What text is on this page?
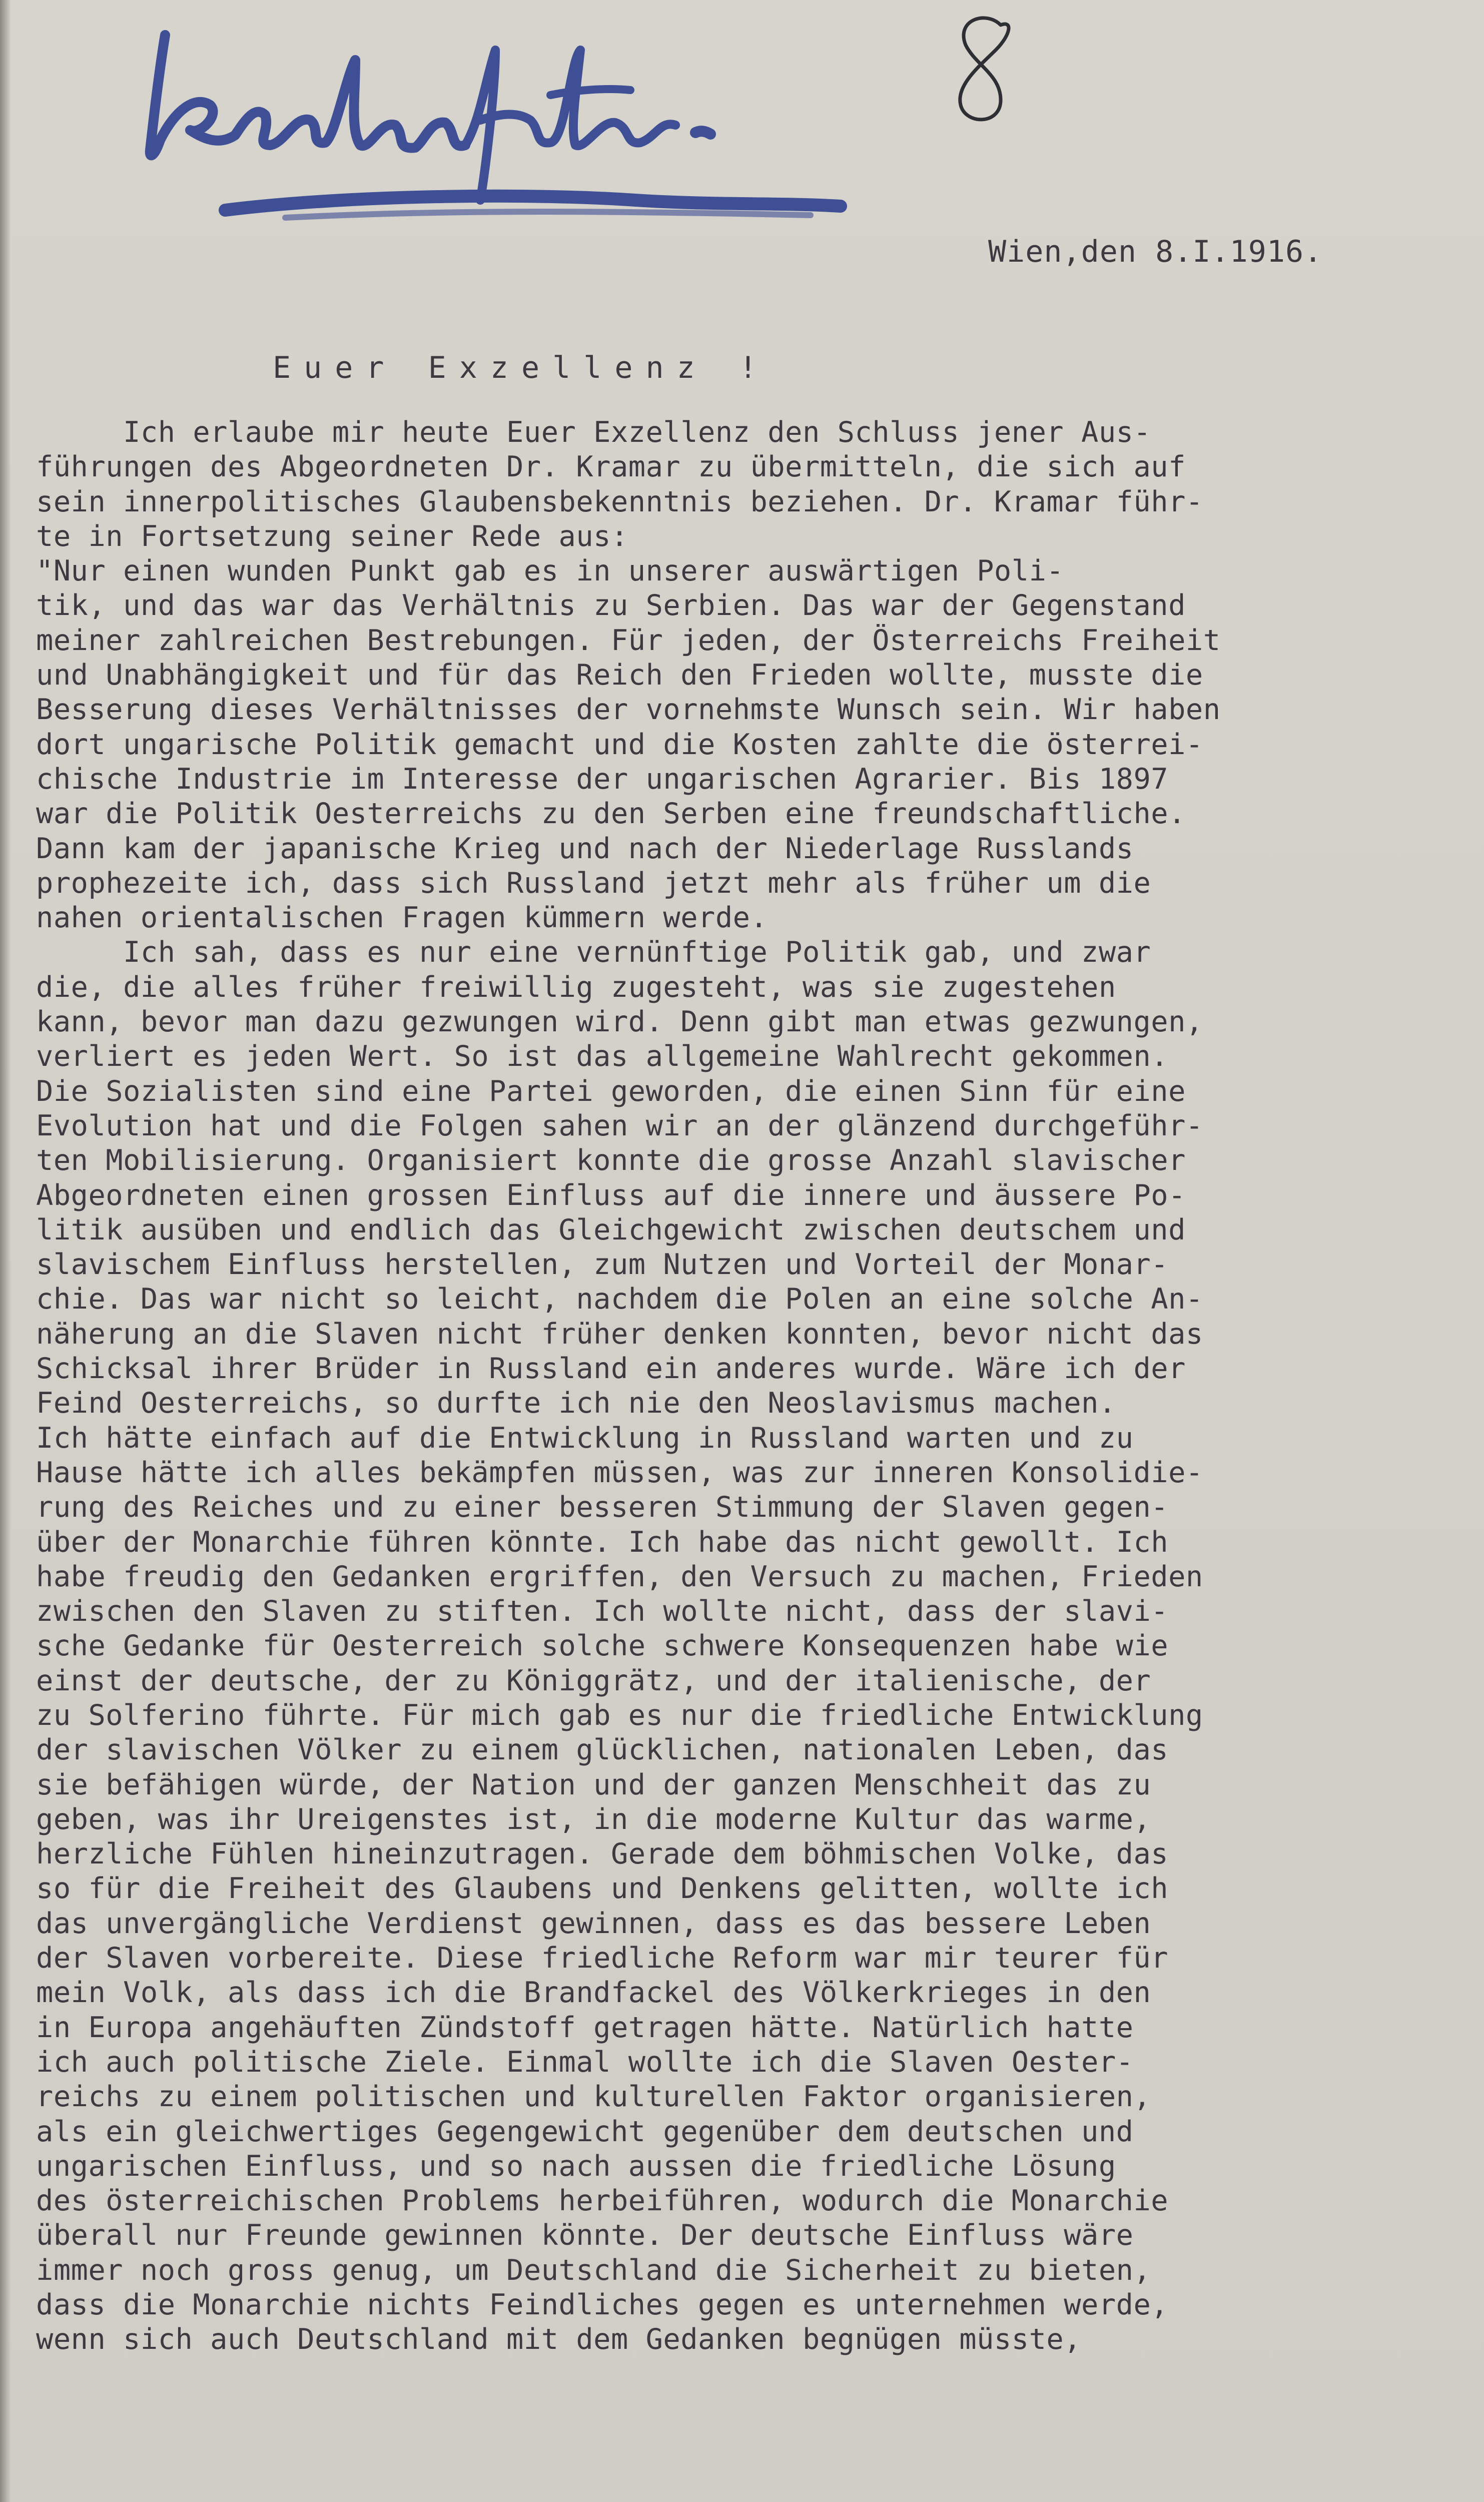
8
Wien,den 8.I.1916.
Euer Exzellenz !
Ich erlaube mir heute Euer Exzellenz den Schluss jener Aus-
führungen des Abgeordneten Dr. Kramar zu übermitteln, die sich auf
sein innerpolitisches Glaubensbekenntnis beziehen. Dr. Kramar führ-
te in Fortsetzung seiner Rede aus:
"Nur einen wunden Punkt gab es in unserer auswärtigen Poli-
tik, und das war das Verhältnis zu Serbien. Das war der Gegenstand
meiner zahlreichen Bestrebungen. Für jeden, der Österreichs Freiheit
und Unabhängigkeit und für das Reich den Frieden wollte, musste die
Besserung dieses Verhältnisses der vornehmste Wunsch sein. Wir haben
dort ungarische Politik gemacht und die Kosten zahlte die österrei-
chische Industrie im Interesse der ungarischen Agrarier. Bis 1897
war die Politik Oesterreichs zu den Serben eine freundschaftliche.
Dann kam der japanische Krieg und nach der Niederlage Russlands
prophezeite ich, dass sich Russland jetzt mehr als früher um die
nahen orientalischen Fragen kümmern werde.
Ich sah, dass es nur eine vernünftige Politik gab, und zwar
die, die alles früher freiwillig zugesteht, was sie zugestehen
kann, bevor man dazu gezwungen wird. Denn gibt man etwas gezwungen,
verliert es jeden Wert. So ist das allgemeine Wahlrecht gekommen.
Die Sozialisten sind eine Partei geworden, die einen Sinn für eine
Evolution hat und die Folgen sahen wir an der glänzend durchgeführ-
ten Mobilisierung. Organisiert konnte die grosse Anzahl slavischer
Abgeordneten einen grossen Einfluss auf die innere und äussere Po-
litik ausüben und endlich das Gleichgewicht zwischen deutschem und
slavischem Einfluss herstellen, zum Nutzen und Vorteil der Monar-
chie. Das war nicht so leicht, nachdem die Polen an eine solche An-
näherung an die Slaven nicht früher denken konnten, bevor nicht das
Schicksal ihrer Brüder in Russland ein anderes wurde. Wäre ich der
Feind Oesterreichs, so durfte ich nie den Neoslavismus machen.
Ich hätte einfach auf die Entwicklung in Russland warten und zu
Hause hätte ich alles bekämpfen müssen, was zur inneren Konsolidie-
rung des Reiches und zu einer besseren Stimmung der Slaven gegen-
über der Monarchie führen könnte. Ich habe das nicht gewollt. Ich
habe freudig den Gedanken ergriffen, den Versuch zu machen, Frieden
zwischen den Slaven zu stiften. Ich wollte nicht, dass der slavi-
sche Gedanke für Oesterreich solche schwere Konsequenzen habe wie
einst der deutsche, der zu Königgrätz, und der italienische, der
zu Solferino führte. Für mich gab es nur die friedliche Entwicklung
der slavischen Völker zu einem glücklichen, nationalen Leben, das
sie befähigen würde, der Nation und der ganzen Menschheit das zu
geben, was ihr Ureigenstes ist, in die moderne Kultur das warme,
herzliche Fühlen hineinzutragen. Gerade dem böhmischen Volke, das
so für die Freiheit des Glaubens und Denkens gelitten, wollte ich
das unvergängliche Verdienst gewinnen, dass es das bessere Leben
der Slaven vorbereite. Diese friedliche Reform war mir teurer für
mein Volk, als dass ich die Brandfackel des Völkerkrieges in den
in Europa angehäuften Zündstoff getragen hätte. Natürlich hatte
ich auch politische Ziele. Einmal wollte ich die Slaven Oester-
reichs zu einem politischen und kulturellen Faktor organisieren,
als ein gleichwertiges Gegengewicht gegenüber dem deutschen und
ungarischen Einfluss, und so nach aussen die friedliche Lösung
des österreichischen Problems herbeiführen, wodurch die Monarchie
überall nur Freunde gewinnen könnte. Der deutsche Einfluss wäre
immer noch gross genug, um Deutschland die Sicherheit zu bieten,
dass die Monarchie nichts Feindliches gegen es unternehmen werde,
wenn sich auch Deutschland mit dem Gedanken begnügen müsste,
